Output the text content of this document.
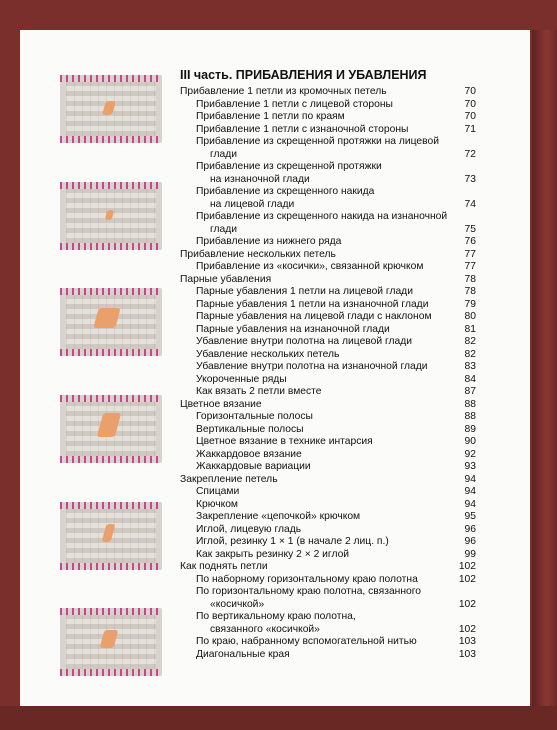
III часть. ПРИБАВЛЕНИЯ И УБАВЛЕНИЯ
Прибавление 1 петли из кромочных петель	70
Прибавление 1 петли с лицевой стороны	70
Прибавление 1 петли по краям	70
Прибавление 1 петли с изнаночной стороны	71
Прибавление из скрещенной протяжки на лицевой
глади	72
Прибавление из скрещенной протяжки
на изнаночной глади	73
Прибавление из скрещенного накида
на лицевой глади	74
Прибавление из скрещенного накида на изнаночной
глади	75
Прибавление из нижнего ряда	76
Прибавление нескольких петель	77
Прибавление из «косички», связанной крючком	77
Парные убавления	78
Парные убавления 1 петли на лицевой глади	78
Парные убавления 1 петли на изнаночной глади	79
Парные убавления на лицевой глади с наклоном	80
Парные убавления на изнаночной глади	81
Убавление внутри полотна на лицевой глади	82
Убавление нескольких петель	82
Убавление внутри полотна на изнаночной глади	83
Укороченные ряды	84
Как вязать 2 петли вместе	87
Цветное вязание	88
Горизонтальные полосы	88
Вертикальные полосы	89
Цветное вязание в технике интарсия	90
Жаккардовое вязание	92
Жаккардовые вариации	93
Закрепление петель	94
Спицами	94
Крючком	94
Закрепление «цепочкой» крючком	95
Иглой, лицевую гладь	96
Иглой, резинку 1 × 1 (в начале 2 лиц. п.)	96
Как закрыть резинку 2 × 2 иглой	99
Как поднять петли	102
По наборному горизонтальному краю полотна	102
По горизонтальному краю полотна, связанного
«косичкой»	102
По вертикальному краю полотна,
связанного «косичкой»	102
По краю, набранному вспомогательной нитью	103
Диагональные края	103
